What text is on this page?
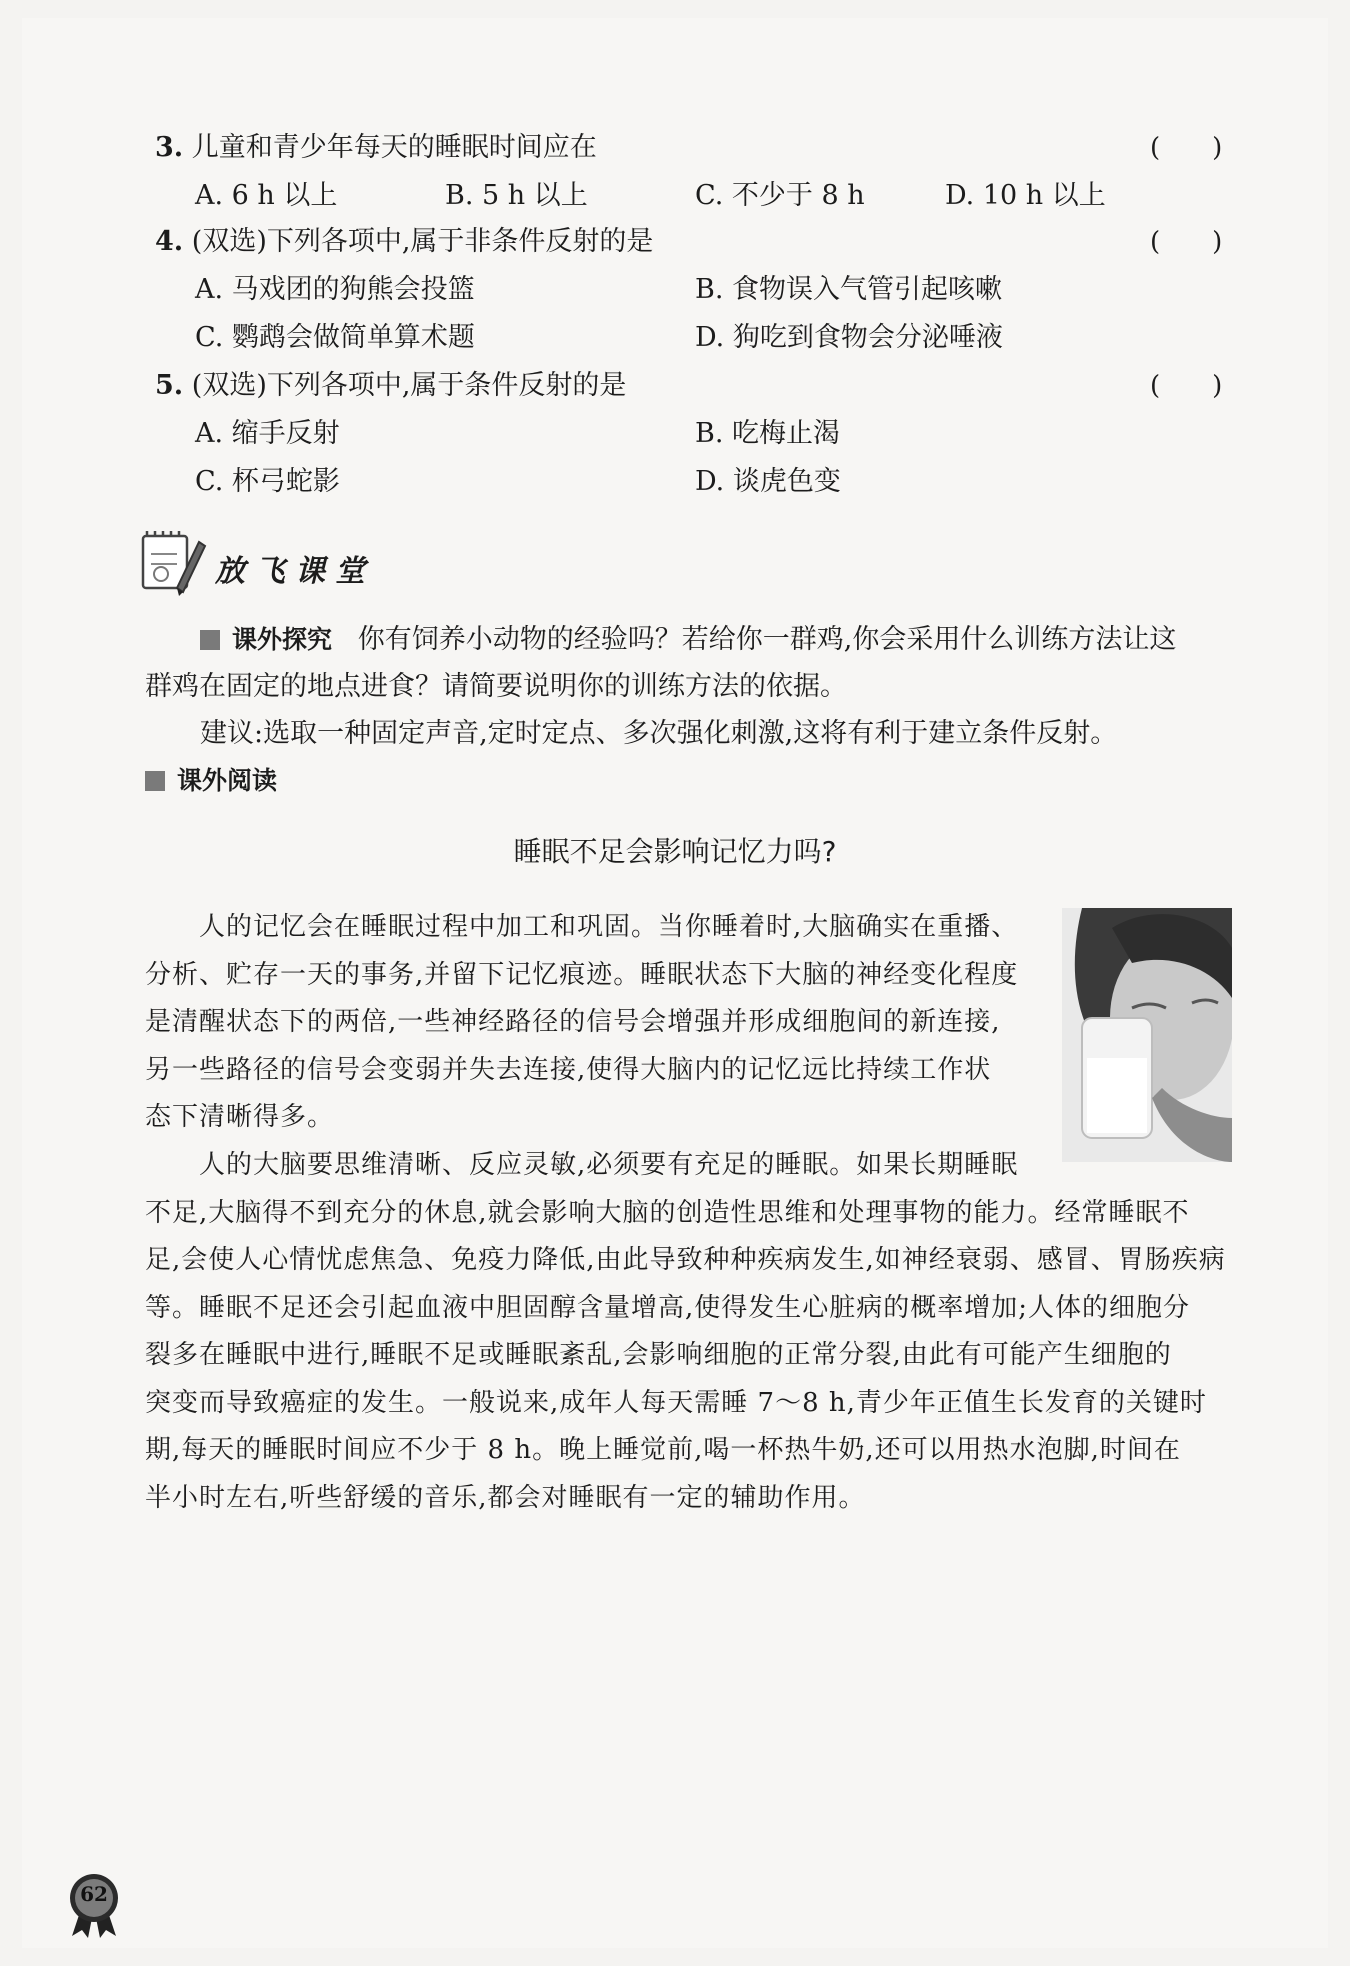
3. 儿童和青少年每天的睡眠时间应在	(　　)
A. 6 h 以上	B. 5 h 以上	C. 不少于 8 h	D. 10 h 以上
4. (双选)下列各项中,属于非条件反射的是	(　　)
A. 马戏团的狗熊会投篮	B. 食物误入气管引起咳嗽
C. 鹦鹉会做简单算术题	D. 狗吃到食物会分泌唾液
5. (双选)下列各项中,属于条件反射的是	(　　)
A. 缩手反射	B. 吃梅止渴
C. 杯弓蛇影	D. 谈虎色变
放飞课堂
课外探究 你有饲养小动物的经验吗？若给你一群鸡,你会采用什么训练方法让这
群鸡在固定的地点进食？请简要说明你的训练方法的依据。
建议:选取一种固定声音,定时定点、多次强化刺激,这将有利于建立条件反射。
课外阅读
睡眠不足会影响记忆力吗?
人的记忆会在睡眠过程中加工和巩固。当你睡着时,大脑确实在重播、
分析、贮存一天的事务,并留下记忆痕迹。睡眠状态下大脑的神经变化程度
是清醒状态下的两倍,一些神经路径的信号会增强并形成细胞间的新连接,
另一些路径的信号会变弱并失去连接,使得大脑内的记忆远比持续工作状
态下清晰得多。
人的大脑要思维清晰、反应灵敏,必须要有充足的睡眠。如果长期睡眠
不足,大脑得不到充分的休息,就会影响大脑的创造性思维和处理事物的能力。经常睡眠不
足,会使人心情忧虑焦急、免疫力降低,由此导致种种疾病发生,如神经衰弱、感冒、胃肠疾病
等。睡眠不足还会引起血液中胆固醇含量增高,使得发生心脏病的概率增加;人体的细胞分
裂多在睡眠中进行,睡眠不足或睡眠紊乱,会影响细胞的正常分裂,由此有可能产生细胞的
突变而导致癌症的发生。一般说来,成年人每天需睡 7～8 h,青少年正值生长发育的关键时
期,每天的睡眠时间应不少于 8 h。晚上睡觉前,喝一杯热牛奶,还可以用热水泡脚,时间在
半小时左右,听些舒缓的音乐,都会对睡眠有一定的辅助作用。
62
